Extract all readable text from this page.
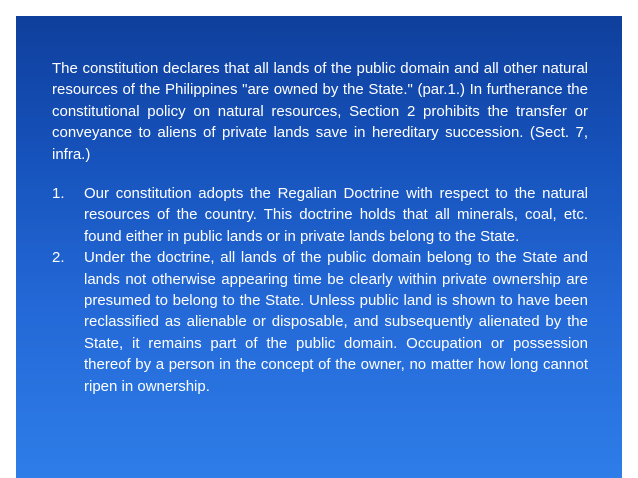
The constitution declares that all lands of the public domain and all other natural resources of the Philippines "are owned by the State." (par.1.) In furtherance the constitutional policy on natural resources, Section 2 prohibits the transfer or conveyance to aliens of private lands save in hereditary succession. (Sect. 7, infra.)

1. Our constitution adopts the Regalian Doctrine with respect to the natural resources of the country. This doctrine holds that all minerals, coal, etc. found either in public lands or in private lands belong to the State.
2. Under the doctrine, all lands of the public domain belong to the State and lands not otherwise appearing time be clearly within private ownership are presumed to belong to the State. Unless public land is shown to have been reclassified as alienable or disposable, and subsequently alienated by the State, it remains part of the public domain. Occupation or possession thereof by a person in the concept of the owner, no matter how long cannot ripen in ownership.
